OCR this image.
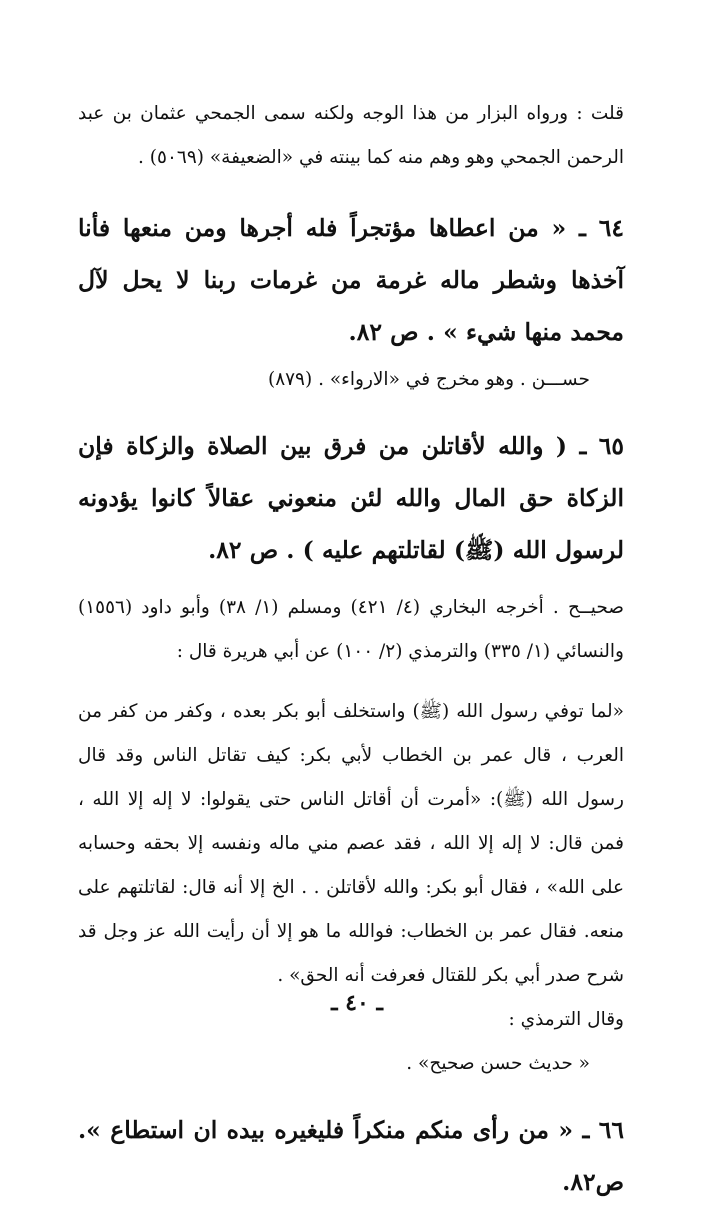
قلت : ورواه البزار من هذا الوجه ولكنه سمى الجمحي عثمان بن عبد الرحمن الجمحي وهو وهم منه كما بينته في «الضعيفة» (٥٠٦٩) .

٦٤ ـ « من اعطاها مؤتجراً فله أجرها ومن منعها فأنا آخذها وشطر ماله غرمة من غرمات ربنا لا يحل لآل محمد منها شيء » . ص ٨٢.

حســـن . وهو مخرج في «الارواء» . (٨٧٩)

٦٥ ـ ( والله لأقاتلن من فرق بين الصلاة والزكاة فإن الزكاة حق المال والله لئن منعوني عقالاً كانوا يؤدونه لرسول الله (ﷺ) لقاتلتهم عليه ) . ص ٨٢.

صحيــح . أخرجه البخاري (٤/ ٤٢١) ومسلم (١/ ٣٨) وأبو داود (١٥٥٦) والنسائي (١/ ٣٣٥) والترمذي (٢/ ١٠٠) عن أبي هريرة قال :

«لما توفي رسول الله (ﷺ) واستخلف أبو بكر بعده ، وكفر من كفر من العرب ، قال عمر بن الخطاب لأبي بكر: كيف تقاتل الناس وقد قال رسول الله (ﷺ): «أمرت أن أقاتل الناس حتى يقولوا: لا إله إلا الله ، فمن قال: لا إله إلا الله ، فقد عصم مني ماله ونفسه إلا بحقه وحسابه على الله» ، فقال أبو بكر: والله لأقاتلن . . الخ إلا أنه قال: لقاتلتهم على منعه. فقال عمر بن الخطاب: فوالله ما هو إلا أن رأيت الله عز وجل قد شرح صدر أبي بكر للقتال فعرفت أنه الحق» .

وقال الترمذي :

« حديث حسن صحيح» .

٦٦ ـ « من رأى منكم منكراً فليغيره بيده ان استطاع ». ص٨٢.

ـ ٤٠ ـ
